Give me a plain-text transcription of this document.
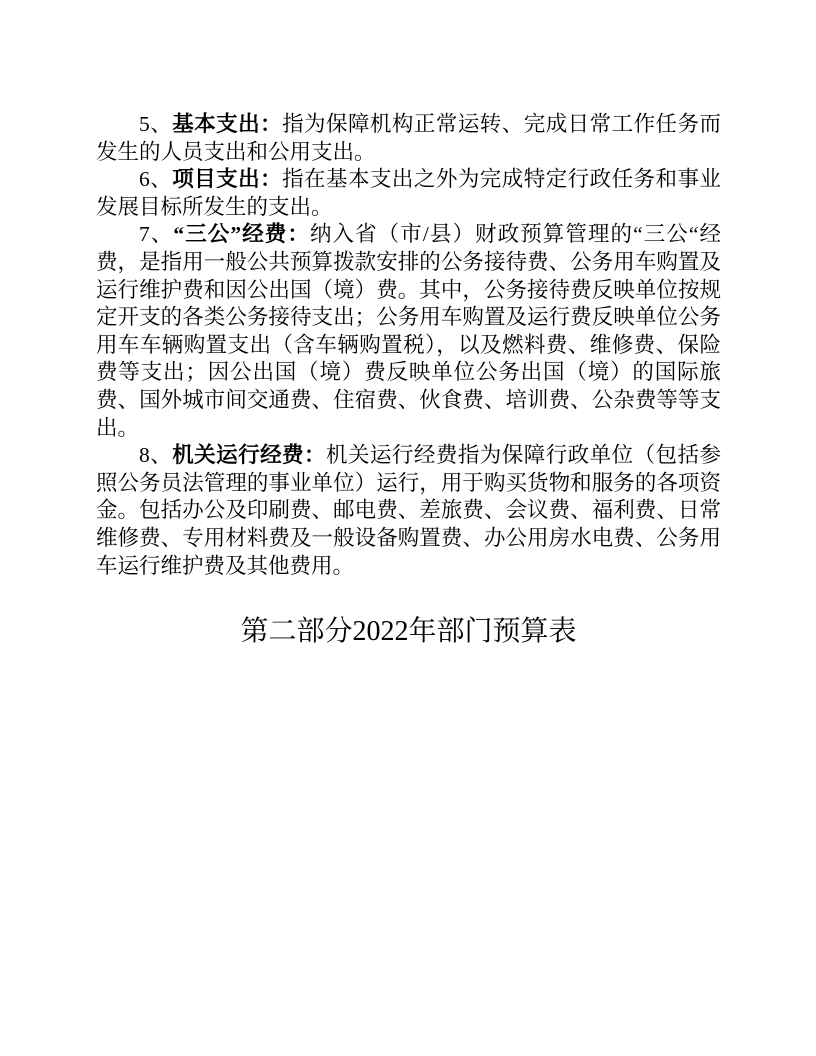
5、基本支出：指为保障机构正常运转、完成日常工作任务而发生的人员支出和公用支出。

6、项目支出：指在基本支出之外为完成特定行政任务和事业发展目标所发生的支出。

7、“三公”经费：纳入省（市/县）财政预算管理的“三公“经费，是指用一般公共预算拨款安排的公务接待费、公务用车购置及运行维护费和因公出国（境）费。其中，公务接待费反映单位按规定开支的各类公务接待支出；公务用车购置及运行费反映单位公务用车车辆购置支出（含车辆购置税），以及燃料费、维修费、保险费等支出；因公出国（境）费反映单位公务出国（境）的国际旅费、国外城市间交通费、住宿费、伙食费、培训费、公杂费等等支出。

8、机关运行经费：机关运行经费指为保障行政单位（包括参照公务员法管理的事业单位）运行，用于购买货物和服务的各项资金。包括办公及印刷费、邮电费、差旅费、会议费、福利费、日常维修费、专用材料费及一般设备购置费、办公用房水电费、公务用车运行维护费及其他费用。

第二部分2022年部门预算表
